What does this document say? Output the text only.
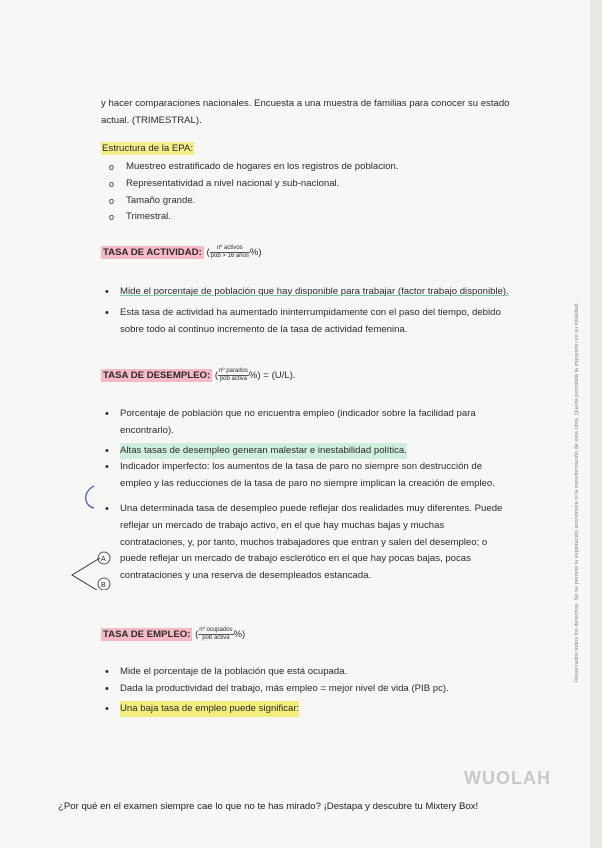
y hacer comparaciones nacionales. Encuesta a una muestra de familias para conocer su estado actual. (TRIMESTRAL).
Estructura de la EPA:
o Muestreo estratificado de hogares en los registros de poblacion.
o Representatividad a nivel nacional y sub-nacional.
o Tamaño grande.
o Trimestral.
TASA DE ACTIVIDAD: ( $\frac{\text{nº activos}}{\text{pob > 16 años}}$ %)
• Mide el porcentaje de población que hay disponible para trabajar (factor trabajo disponible).
• Esta tasa de actividad ha aumentado ininterrumpidamente con el paso del tiempo, debido sobre todo al continuo incremento de la tasa de actividad femenina.
TASA DE DESEMPLEO: ( $\frac{\text{nº parados}}{\text{pob activa}}$ %) = (U/L).
• Porcentaje de población que no encuentra empleo (indicador sobre la facilidad para encontrarlo).
• Altas tasas de desempleo generan malestar e inestabilidad política.
• Indicador imperfecto: los aumentos de la tasa de paro no siempre son destrucción de empleo y las reducciones de la tasa de paro no siempre implican la creación de empleo.
• Una determinada tasa de desempleo puede reflejar dos realidades muy diferentes. Puede reflejar un mercado de trabajo activo, en el que hay muchas bajas y muchas contrataciones, y, por tanto, muchos trabajadores que entran y salen del desempleo; o puede reflejar un mercado de trabajo esclerótico en el que hay pocas bajas, pocas contrataciones y una reserva de desempleados estancada.
A
B
TASA DE EMPLEO: ( $\frac{\text{nº ocupados}}{\text{pob activa}}$ %)
• Mide el porcentaje de la población que está ocupada.
• Dada la productividad del trabajo, más empleo = mejor nivel de vida (PIB pc).
• Una baja tasa de empleo puede significar:
Reservados todos los derechos. No se permite la explotación económica ni la transformación de esta obra. Queda permitida la impresión en su totalidad.
WUOLAH
¿Por qué en el examen siempre cae lo que no te has mirado? ¡Destapa y descubre tu Mixtery Box!
